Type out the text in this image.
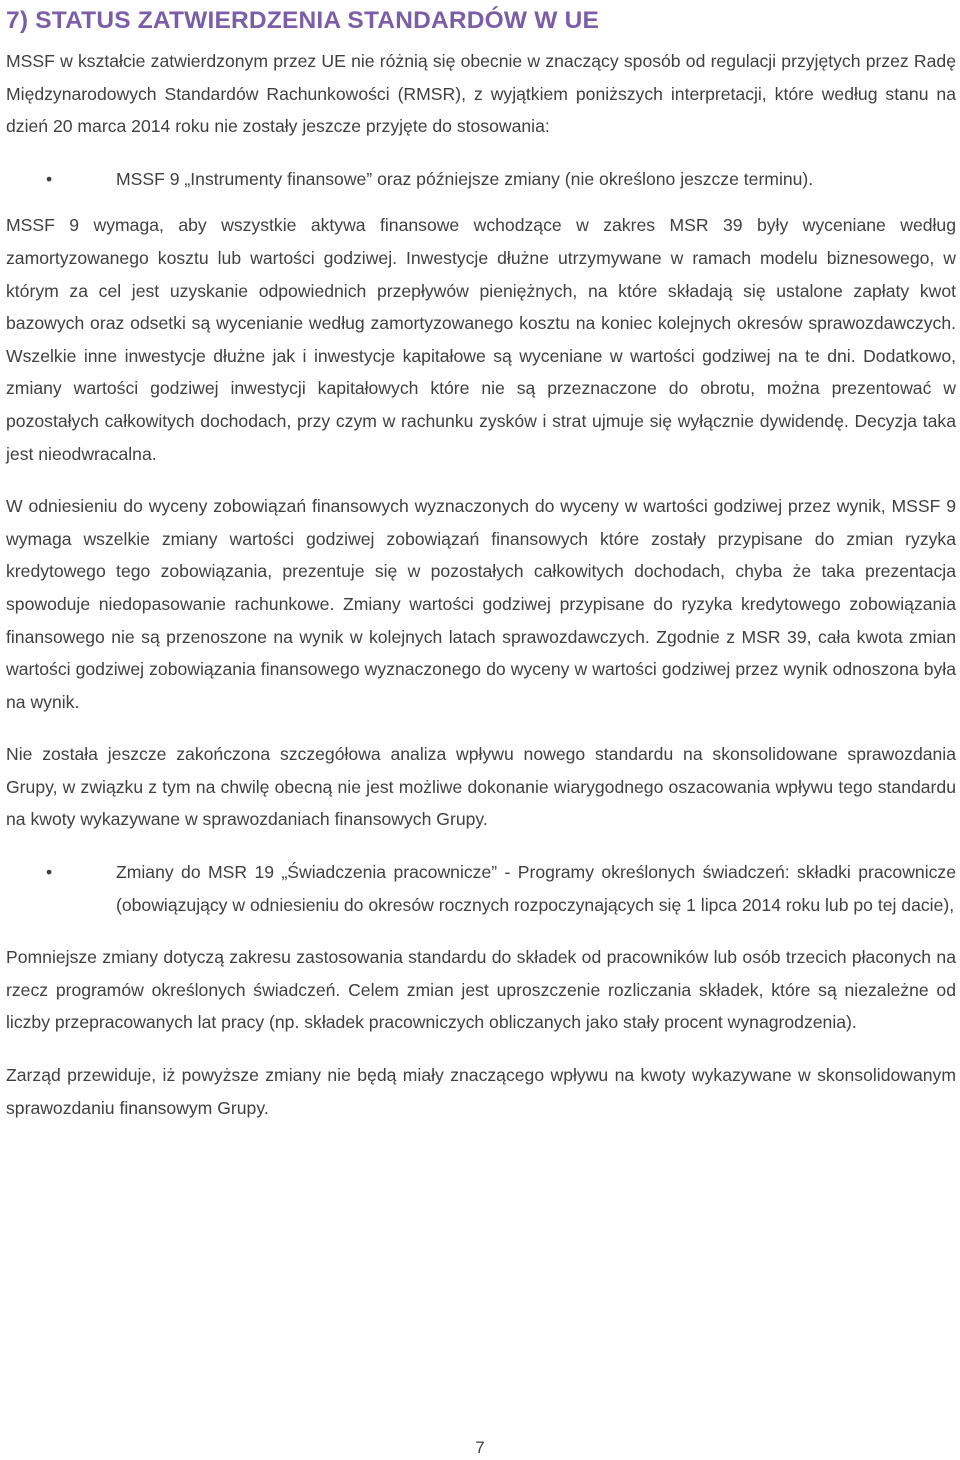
7) STATUS ZATWIERDZENIA STANDARDÓW W UE

MSSF w kształcie zatwierdzonym przez UE nie różnią się obecnie w znaczący sposób od regulacji przyjętych przez Radę Międzynarodowych Standardów Rachunkowości (RMSR), z wyjątkiem poniższych interpretacji, które według stanu na dzień 20 marca 2014 roku nie zostały jeszcze przyjęte do stosowania:

•	MSSF 9 „Instrumenty finansowe” oraz późniejsze zmiany (nie określono jeszcze terminu).

MSSF 9 wymaga, aby wszystkie aktywa finansowe wchodzące w zakres MSR 39 były wyceniane według zamortyzowanego kosztu lub wartości godziwej. Inwestycje dłużne utrzymywane w ramach modelu biznesowego, w którym za cel jest uzyskanie odpowiednich przepływów pieniężnych, na które składają się ustalone zapłaty kwot bazowych oraz odsetki są wycenianie według zamortyzowanego kosztu na koniec kolejnych okresów sprawozdawczych. Wszelkie inne inwestycje dłużne jak i inwestycje kapitałowe są wyceniane w wartości godziwej na te dni. Dodatkowo, zmiany wartości godziwej inwestycji kapitałowych które nie są przeznaczone do obrotu, można prezentować w pozostałych całkowitych dochodach, przy czym w rachunku zysków i strat ujmuje się wyłącznie dywidendę. Decyzja taka jest nieodwracalna.

W odniesieniu do wyceny zobowiązań finansowych wyznaczonych do wyceny w wartości godziwej przez wynik, MSSF 9 wymaga wszelkie zmiany wartości godziwej zobowiązań finansowych które zostały przypisane do zmian ryzyka kredytowego tego zobowiązania, prezentuje się w pozostałych całkowitych dochodach, chyba że taka prezentacja spowoduje niedopasowanie rachunkowe. Zmiany wartości godziwej przypisane do ryzyka kredytowego zobowiązania finansowego nie są przenoszone na wynik w kolejnych latach sprawozdawczych. Zgodnie z MSR 39, cała kwota zmian wartości godziwej zobowiązania finansowego wyznaczonego do wyceny w wartości godziwej przez wynik odnoszona była na wynik.

Nie została jeszcze zakończona szczegółowa analiza wpływu nowego standardu na skonsolidowane sprawozdania Grupy, w związku z tym na chwilę obecną nie jest możliwe dokonanie wiarygodnego oszacowania wpływu tego standardu na kwoty wykazywane w sprawozdaniach finansowych Grupy.

•	Zmiany do MSR 19 „Świadczenia pracownicze” - Programy określonych świadczeń: składki pracownicze (obowiązujący w odniesieniu do okresów rocznych rozpoczynających się 1 lipca 2014 roku lub po tej dacie),

Pomniejsze zmiany dotyczą zakresu zastosowania standardu do składek od pracowników lub osób trzecich płaconych na rzecz programów określonych świadczeń. Celem zmian jest uproszczenie rozliczania składek, które są niezależne od liczby przepracowanych lat pracy (np. składek pracowniczych obliczanych jako stały procent wynagrodzenia).

Zarząd przewiduje, iż powyższe zmiany nie będą miały znaczącego wpływu na kwoty wykazywane w skonsolidowanym sprawozdaniu finansowym Grupy.

7
